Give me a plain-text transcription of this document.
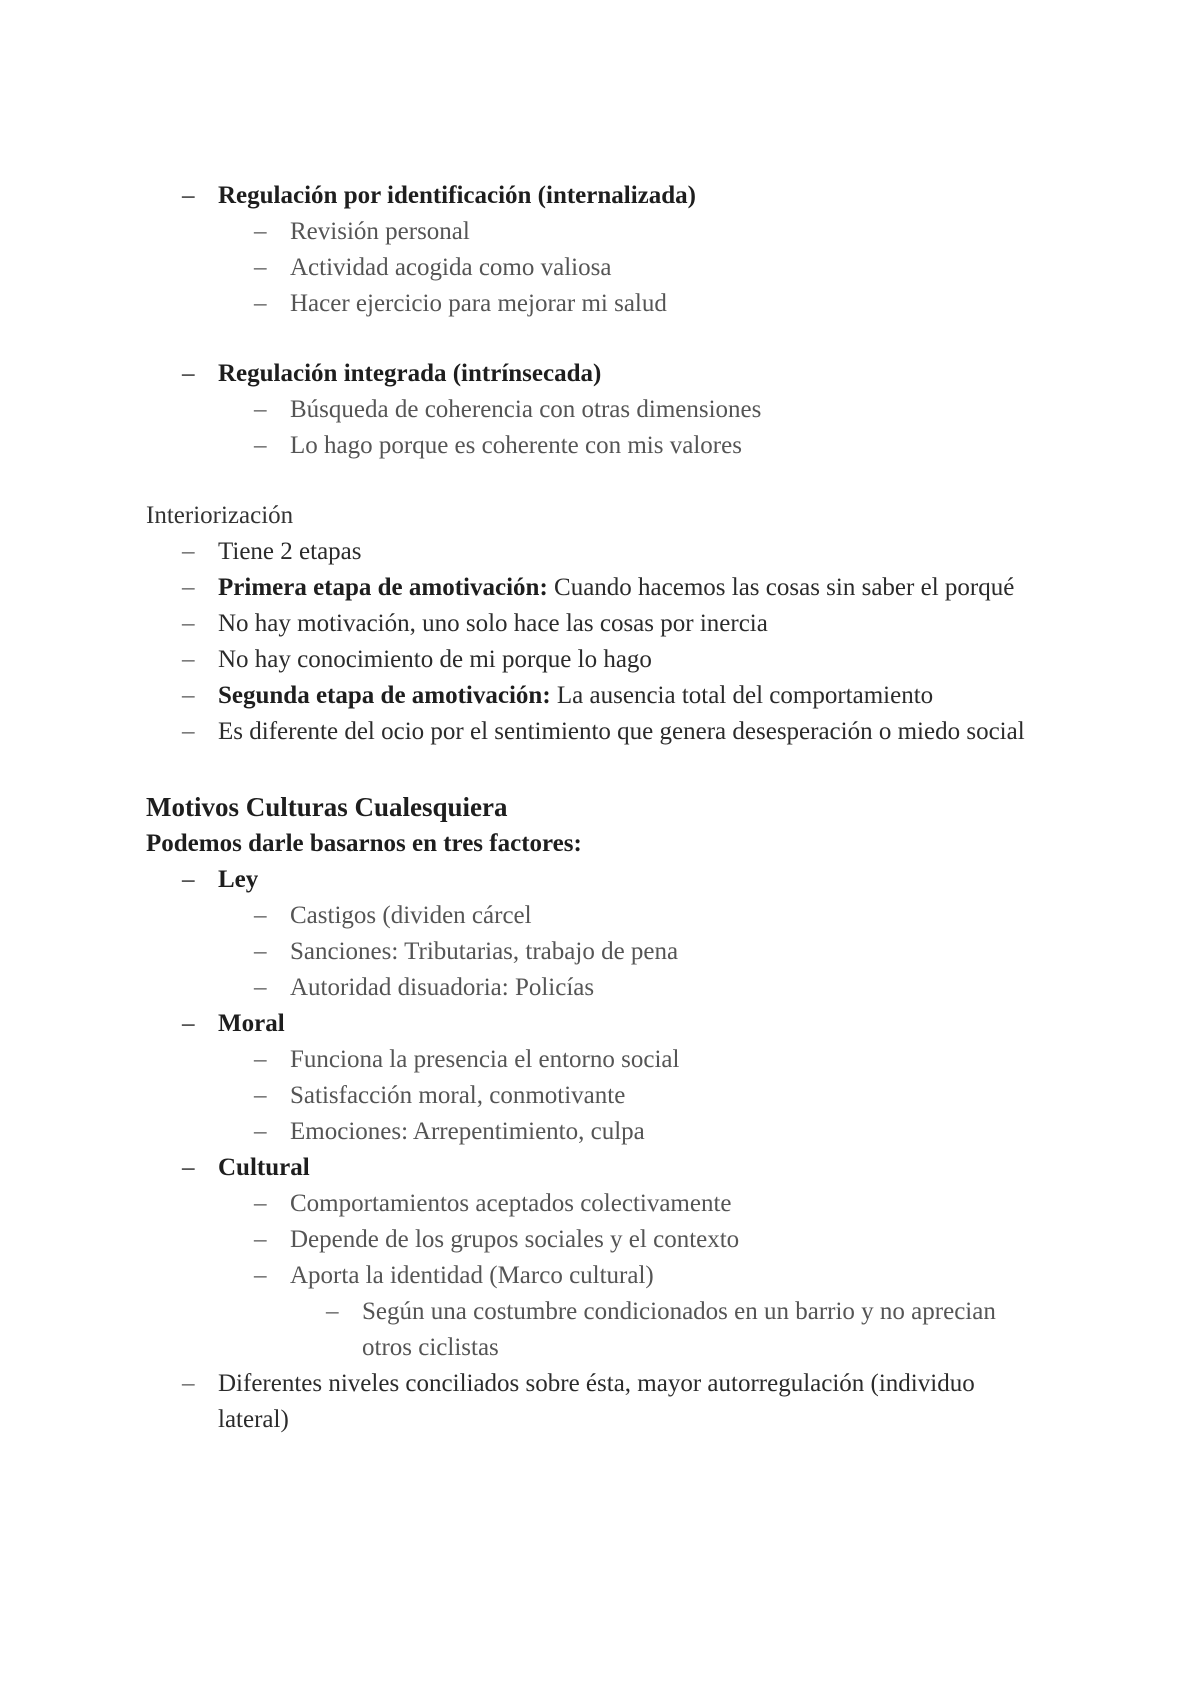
– Regulación por identificación (internalizada)
– Revisión personal
– Actividad acogida como valiosa
– Hacer ejercicio para mejorar mi salud
– Regulación integrada (intrínsecada)
– Búsqueda de coherencia con otras dimensiones
– Lo hago porque es coherente con mis valores
Interiorización
– Tiene 2 etapas
– Primera etapa de amotivación: Cuando hacemos las cosas sin saber el porqué
– No hay motivación, uno solo hace las cosas por inercia
– No hay conocimiento de mi porque lo hago
– Segunda etapa de amotivación: La ausencia total del comportamiento
– Es diferente del ocio por el sentimiento que genera desesperación o miedo social
Motivos Culturas Cualesquiera
Podemos darle basarnos en tres factores:
– Ley
– Castigos (dividen cárcel
– Sanciones: Tributarias, trabajo de pena
– Autoridad disuadoria: Policías
– Moral
– Funciona la presencia el entorno social
– Satisfacción moral, conmotivante
– Emociones: Arrepentimiento, culpa
– Cultural
– Comportamientos aceptados colectivamente
– Depende de los grupos sociales y el contexto
– Aporta la identidad (Marco cultural)
– Según una costumbre condicionados en un barrio y no aprecian otros ciclistas
– Diferentes niveles conciliados sobre ésta, mayor autorregulación (individuo lateral)
